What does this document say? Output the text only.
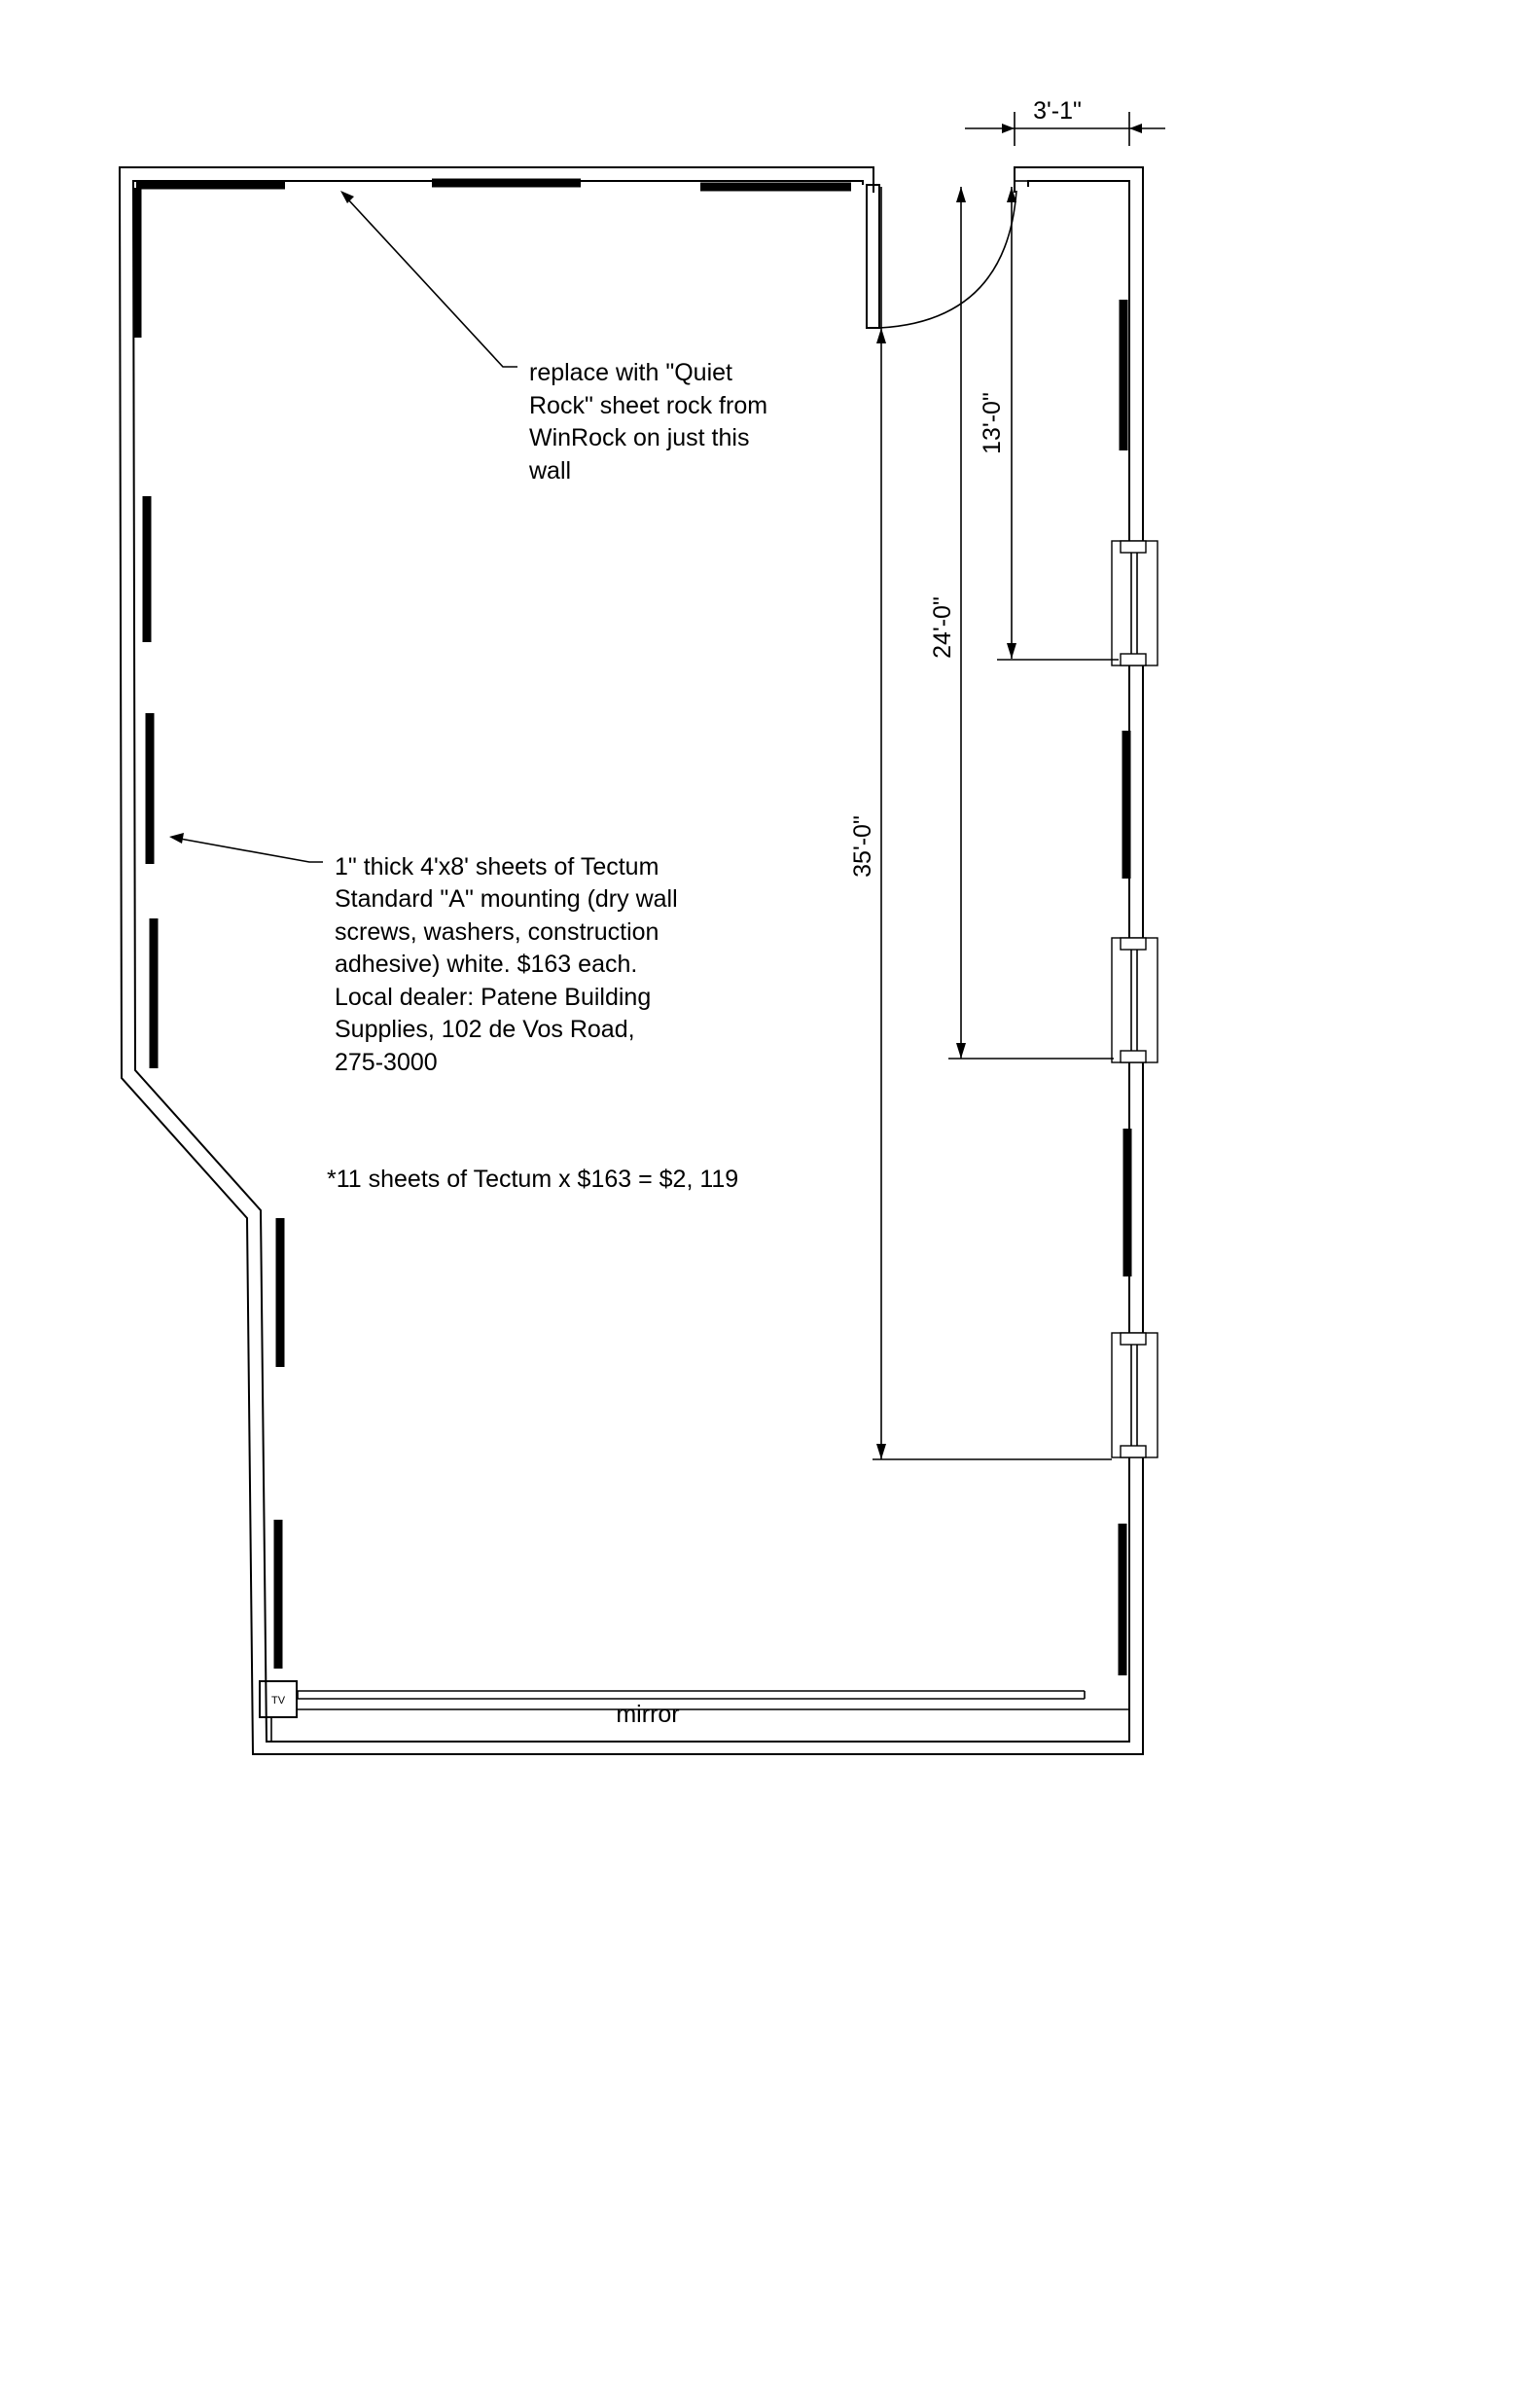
TV	mirror
3'-1"
13'-0"
24'-0"
35'-0"
replace with "Quiet
Rock" sheet rock from
WinRock on just this
wall
1" thick 4'x8' sheets of Tectum
Standard "A" mounting (dry wall
screws, washers, construction
adhesive) white. $163 each.
Local dealer: Patene Building
Supplies, 102 de Vos Road,
275-3000
*11 sheets of Tectum x $163 = $2, 119
